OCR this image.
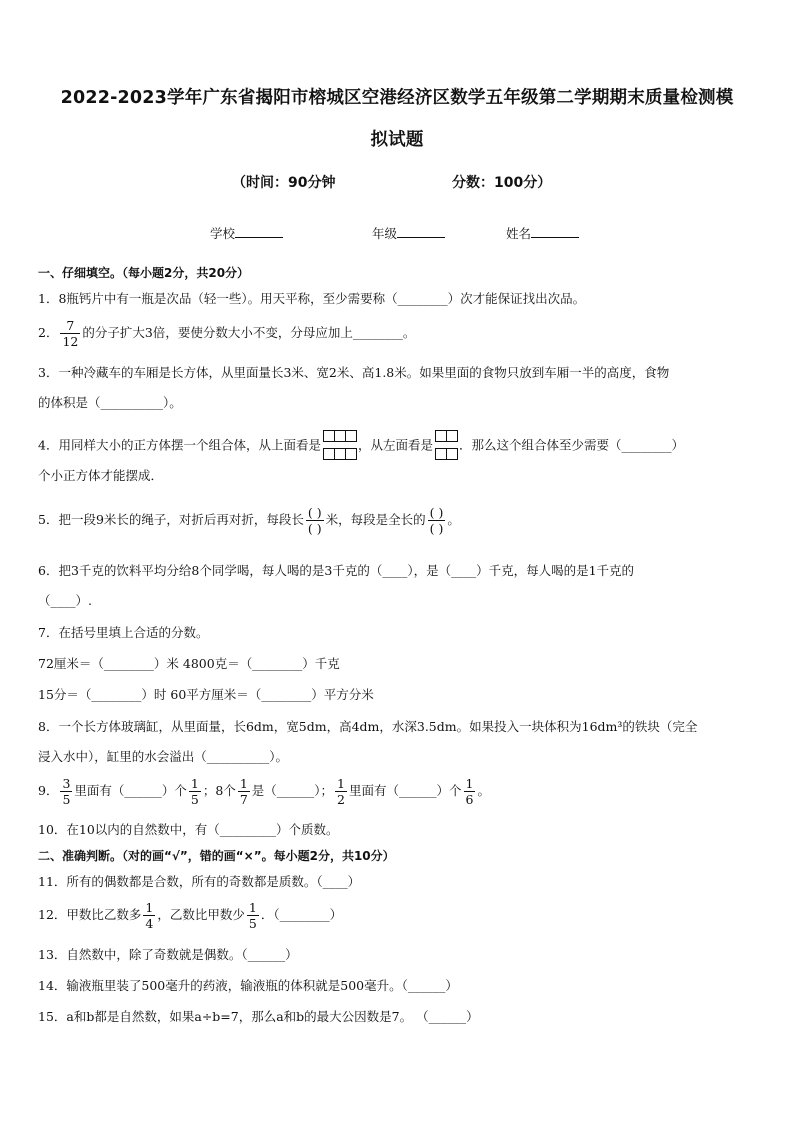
2022-2023学年广东省揭阳市榕城区空港经济区数学五年级第二学期期末质量检测模
拟试题
（时间：90分钟	分数：100分）
学校	年级	姓名
一、仔细填空。（每小题2分，共20分）
1．8瓶钙片中有一瓶是次品（轻一些）。用天平称，至少需要称（________）次才能保证找出次品。
2． $\frac{7}{12}$ 的分子扩大3倍，要使分数大小不变，分母应加上________。
3．一种冷藏车的车厢是长方体，从里面量长3米、宽2米、高1.8米。如果里面的食物只放到车厢一半的高度，食物
的体积是（__________）。
4．用同样大小的正方体摆一个组合体，从上面看是	，从左面看是 ．那么这个组合体至少需要（________）
个小正方体才能摆成．
5．把一段9米长的绳子，对折后再对折，每段长 $\frac{( )}{( )}$ 米，每段是全长的 $\frac{( )}{( )}$ 。
6．把3千克的饮料平均分给8个同学喝，每人喝的是3千克的（____），是（____）千克，每人喝的是1千克的
（____）.
7．在括号里填上合适的分数。
72厘米＝（________）米 4800克＝（________）千克
15分＝（________）时 60平方厘米＝（________）平方分米
8．一个长方体玻璃缸，从里面量，长6dm，宽5dm，高4dm，水深3.5dm。如果投入一块体积为16dm³的铁块（完全
浸入水中），缸里的水会溢出（__________）。
9． $\frac{3}{5}$ 里面有（______）个 $\frac{1}{5}$ ；8个 $\frac{1}{7}$ 是（______）； $\frac{1}{2}$ 里面有（______）个 $\frac{1}{6}$ 。
10．在10以内的自然数中，有（_________）个质数。
二、准确判断。（对的画“√”，错的画“×”。每小题2分，共10分）
11．所有的偶数都是合数，所有的奇数都是质数。（____）
12．甲数比乙数多 $\frac{1}{4}$ ，乙数比甲数少 $\frac{1}{5}$ ．（________）
13．自然数中，除了奇数就是偶数。（______）
14．输液瓶里装了500毫升的药液，输液瓶的体积就是500毫升。（______）
15．a和b都是自然数，如果a÷b=7，那么a和b的最大公因数是7。 （______）
